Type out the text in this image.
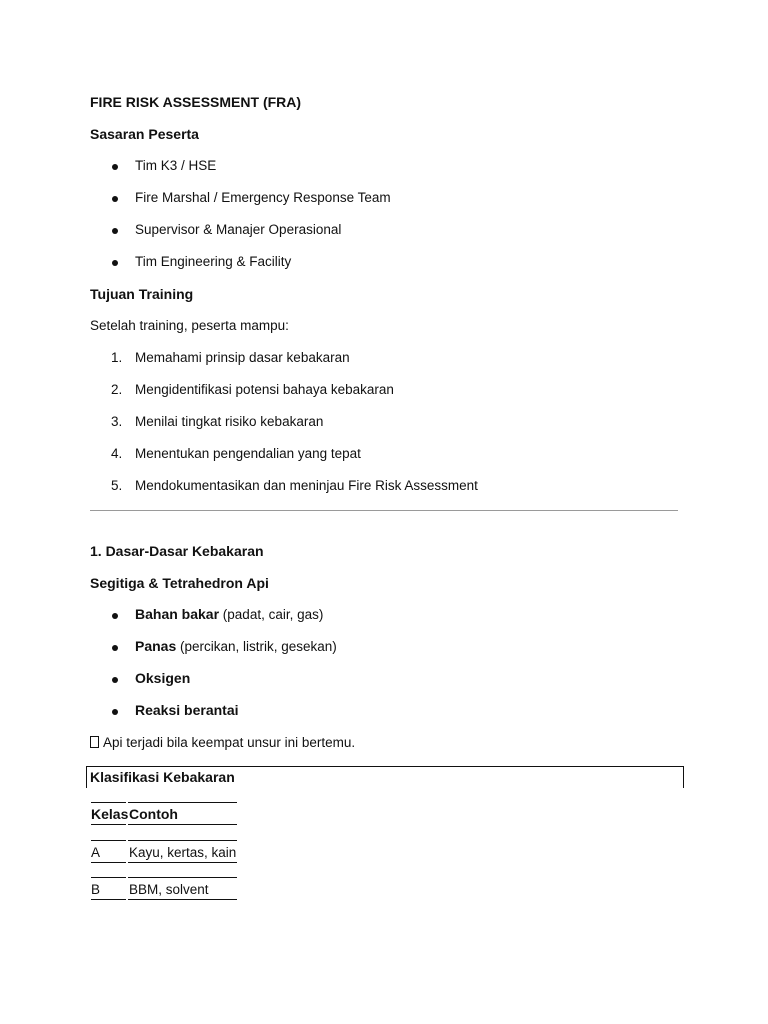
FIRE RISK ASSESSMENT (FRA)
Sasaran Peserta
Tim K3 / HSE
Fire Marshal / Emergency Response Team
Supervisor & Manajer Operasional
Tim Engineering & Facility
Tujuan Training
Setelah training, peserta mampu:
1. Memahami prinsip dasar kebakaran
2. Mengidentifikasi potensi bahaya kebakaran
3. Menilai tingkat risiko kebakaran
4. Menentukan pengendalian yang tepat
5. Mendokumentasikan dan meninjau Fire Risk Assessment
1. Dasar-Dasar Kebakaran
Segitiga & Tetrahedron Api
Bahan bakar (padat, cair, gas)
Panas (percikan, listrik, gesekan)
Oksigen
Reaksi berantai
Api terjadi bila keempat unsur ini bertemu.
Klasifikasi Kebakaran
Kelas Contoh
A Kayu, kertas, kain
B BBM, solvent
